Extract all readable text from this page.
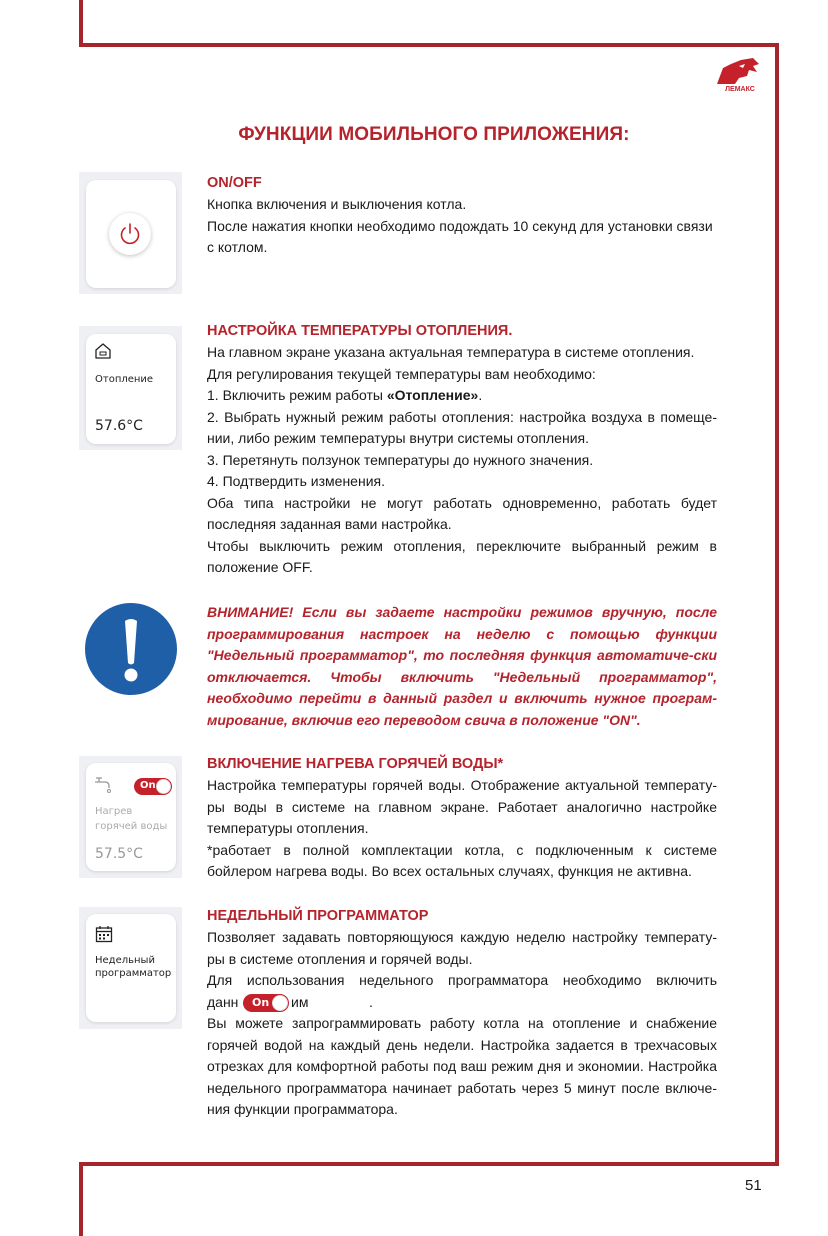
ЛЕМАКС
ФУНКЦИИ МОБИЛЬНОГО ПРИЛОЖЕНИЯ:
ON/OFF
Кнопка включения и выключения котла.
После нажатия кнопки необходимо подождать 10 секунд для установки связи с котлом.
Отопление
57.6°C
НАСТРОЙКА ТЕМПЕРАТУРЫ ОТОПЛЕНИЯ.
На главном экране указана актуальная температура в системе отопления.
Для регулирования текущей температуры вам необходимо:
1. Включить режим работы «Отопление».
2. Выбрать нужный режим работы отопления: настройка воздуха в помеще-нии, либо режим температуры внутри системы отопления.
3. Перетянуть ползунок температуры до нужного значения.
4. Подтвердить изменения.
Оба типа настройки не могут работать одновременно, работать будет последняя заданная вами настройка.
Чтобы выключить режим отопления, переключите выбранный режим в положение OFF.
ВНИМАНИЕ! Если вы задаете настройки режимов вручную, после программирования настроек на неделю с помощью функции "Недельный программатор", то последняя функция автоматиче-ски отключается. Чтобы включить "Недельный программатор", необходимо перейти в данный раздел и включить нужное програм-мирование, включив его переводом свича в положение "ON".
On
Нагрев
горячей воды
57.5°C
ВКЛЮЧЕНИЕ НАГРЕВА ГОРЯЧЕЙ ВОДЫ*
Настройка температуры горячей воды. Отображение актуальной температу-ры воды в системе на главном экране. Работает аналогично настройке температуры отопления.
*работает в полной комплектации котла, с подключенным к системе бойлером нагрева воды. Во всех остальных случаях, функция не активна.
Недельный
программатор
НЕДЕЛЬНЫЙ ПРОГРАММАТОР
Позволяет задавать повторяющуюся каждую неделю настройку температу-ры в системе отопления и горячей воды.
Для использования недельного программатора необходимо включить
данн On им	.
Вы можете запрограммировать работу котла на отопление и снабжение горячей водой на каждый день недели. Настройка задается в трехчасовых отрезках для комфортной работы под ваш режим дня и экономии. Настройка недельного программатора начинает работать через 5 минут после включе-ния функции программатора.
51
